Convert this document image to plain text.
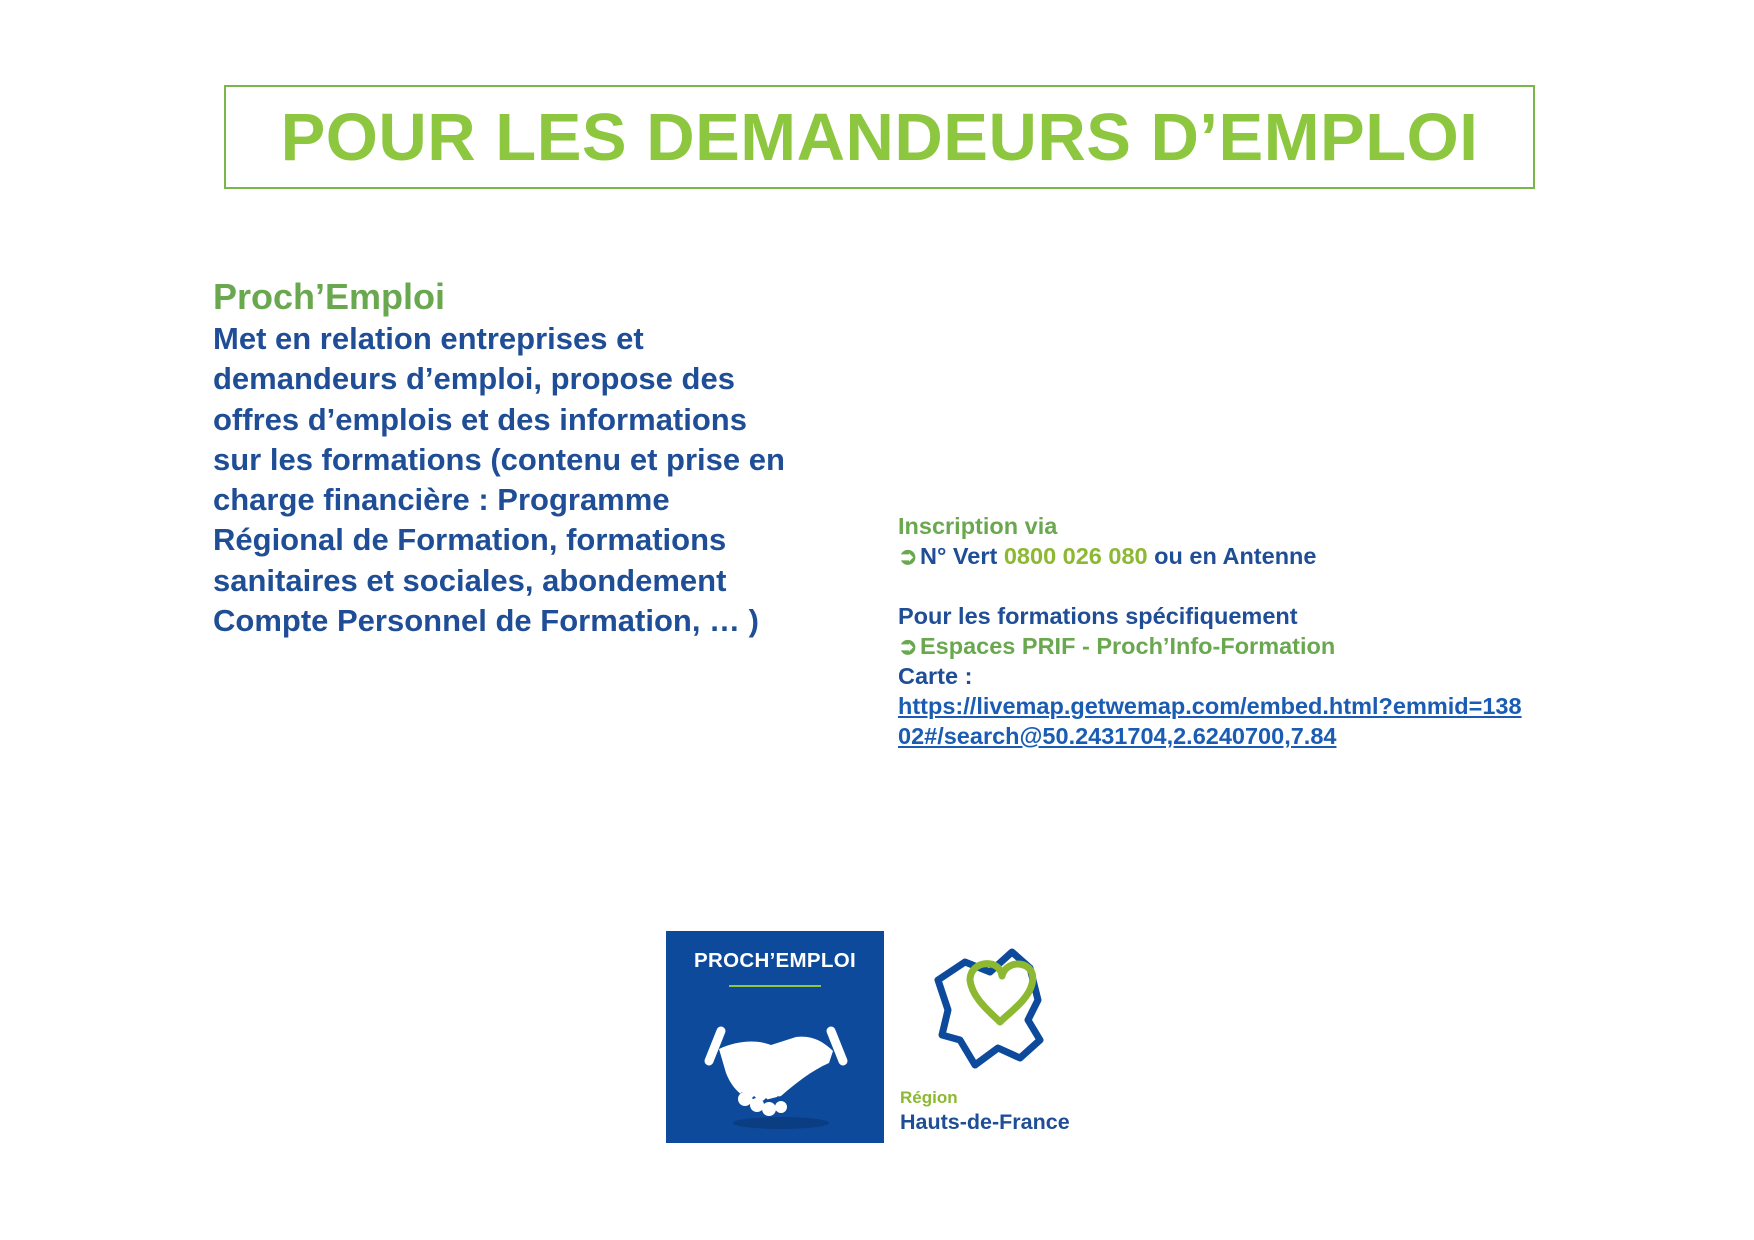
POUR LES DEMANDEURS D’EMPLOI

Proch’Emploi

Met en relation entreprises et
demandeurs d’emploi, propose des
offres d’emplois et des informations
sur les formations (contenu et prise en
charge financière : Programme
Régional de Formation, formations
sanitaires et sociales, abondement
Compte Personnel de Formation, … )

Inscription via
➲N° Vert 0800 026 080 ou en Antenne
Pour les formations spécifiquement
➲Espaces PRIF - Proch’Info-Formation
Carte :
https://livemap.getwemap.com/embed.html?emmid=138
02#/search@50.2431704,2.6240700,7.84
PROCH’EMPLOI
Région
Hauts-de-France
